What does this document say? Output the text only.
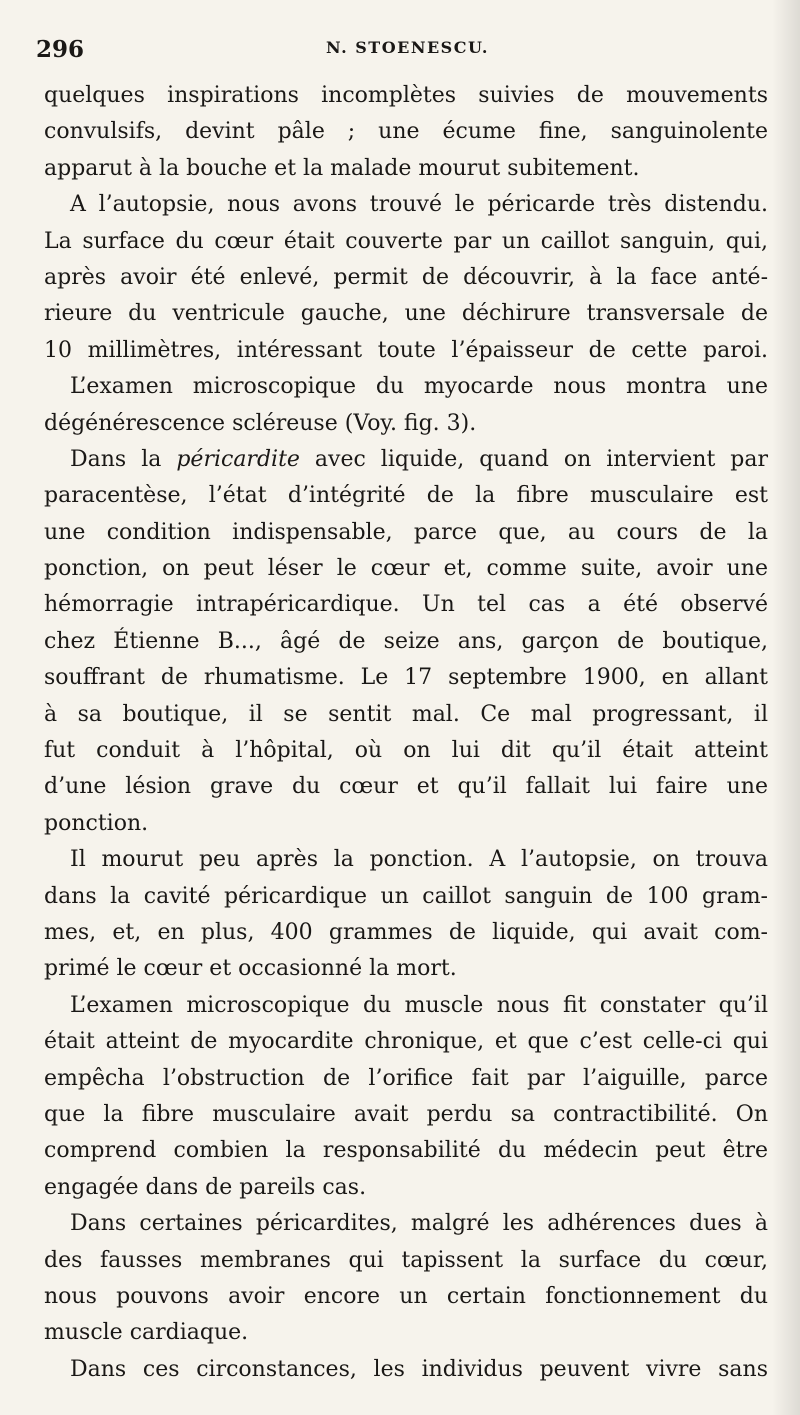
296	N. STOENESCU.
quelques inspirations incomplètes suivies de mouvements
convulsifs, devint pâle ; une écume fine, sanguinolente
apparut à la bouche et la malade mourut subitement.
A l’autopsie, nous avons trouvé le péricarde très distendu.
La surface du cœur était couverte par un caillot sanguin, qui,
après avoir été enlevé, permit de découvrir, à la face anté-
rieure du ventricule gauche, une déchirure transversale de
10 millimètres, intéressant toute l’épaisseur de cette paroi.
L’examen microscopique du myocarde nous montra une
dégénérescence scléreuse (Voy. fig. 3).
Dans la péricardite avec liquide, quand on intervient par
paracentèse, l’état d’intégrité de la fibre musculaire est
une condition indispensable, parce que, au cours de la
ponction, on peut léser le cœur et, comme suite, avoir une
hémorragie intrapéricardique. Un tel cas a été observé
chez Étienne B..., âgé de seize ans, garçon de boutique,
souffrant de rhumatisme. Le 17 septembre 1900, en allant
à sa boutique, il se sentit mal. Ce mal progressant, il
fut conduit à l’hôpital, où on lui dit qu’il était atteint
d’une lésion grave du cœur et qu’il fallait lui faire une
ponction.
Il mourut peu après la ponction. A l’autopsie, on trouva
dans la cavité péricardique un caillot sanguin de 100 gram-
mes, et, en plus, 400 grammes de liquide, qui avait com-
primé le cœur et occasionné la mort.
L’examen microscopique du muscle nous fit constater qu’il
était atteint de myocardite chronique, et que c’est celle-ci qui
empêcha l’obstruction de l’orifice fait par l’aiguille, parce
que la fibre musculaire avait perdu sa contractibilité. On
comprend combien la responsabilité du médecin peut être
engagée dans de pareils cas.
Dans certaines péricardites, malgré les adhérences dues à
des fausses membranes qui tapissent la surface du cœur,
nous pouvons avoir encore un certain fonctionnement du
muscle cardiaque.
Dans ces circonstances, les individus peuvent vivre sans
